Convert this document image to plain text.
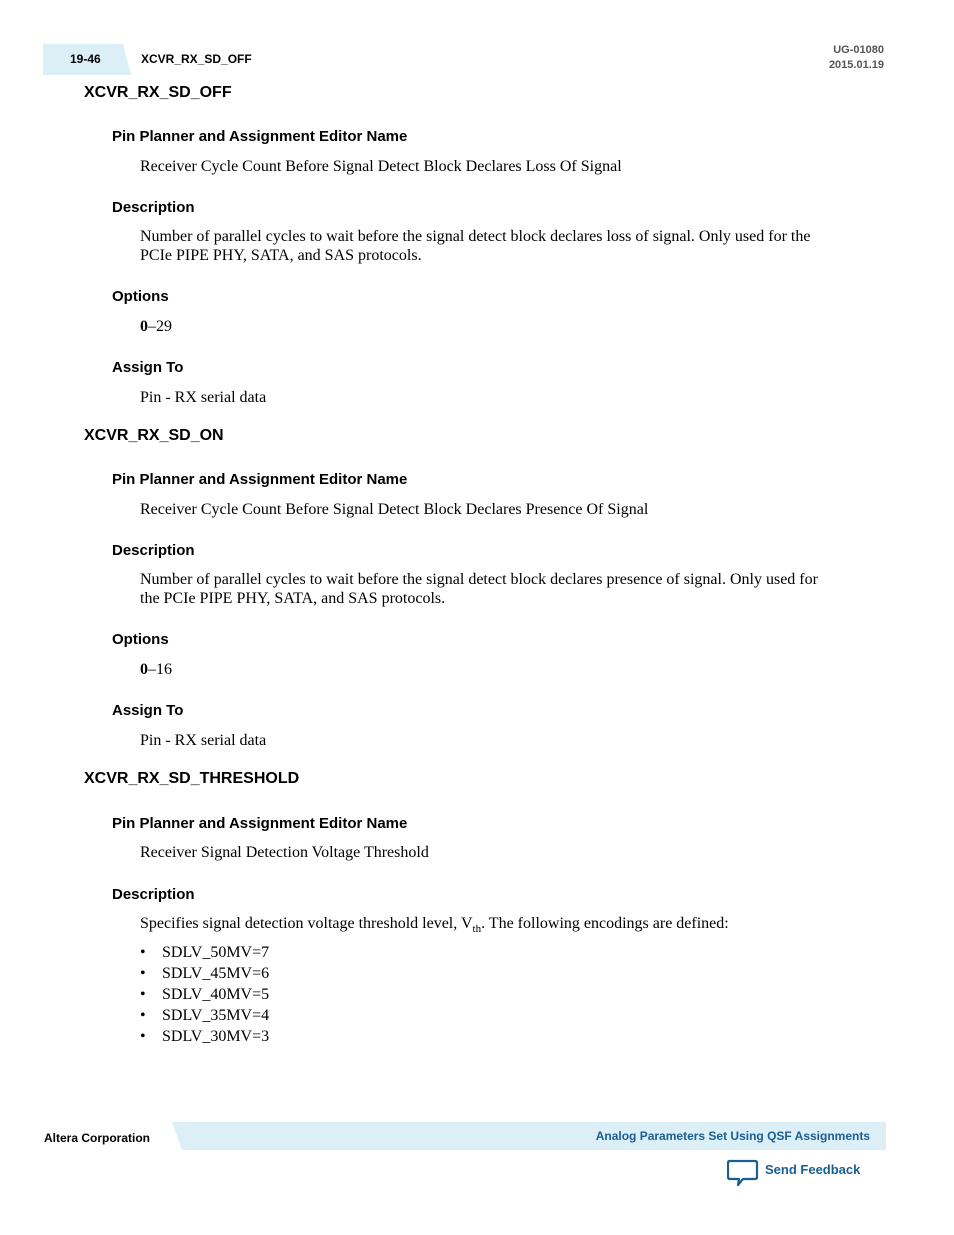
19-46	XCVR_RX_SD_OFF
UG-01080
2015.01.19
XCVR_RX_SD_OFF
Pin Planner and Assignment Editor Name
Receiver Cycle Count Before Signal Detect Block Declares Loss Of Signal
Description
Number of parallel cycles to wait before the signal detect block declares loss of signal. Only used for the
PCIe PIPE PHY, SATA, and SAS protocols.
Options
0–29
Assign To
Pin - RX serial data
XCVR_RX_SD_ON
Pin Planner and Assignment Editor Name
Receiver Cycle Count Before Signal Detect Block Declares Presence Of Signal
Description
Number of parallel cycles to wait before the signal detect block declares presence of signal. Only used for
the PCIe PIPE PHY, SATA, and SAS protocols.
Options
0–16
Assign To
Pin - RX serial data
XCVR_RX_SD_THRESHOLD
Pin Planner and Assignment Editor Name
Receiver Signal Detection Voltage Threshold
Description
Specifies signal detection voltage threshold level, $V_{th}$. The following encodings are defined:
• SDLV_50MV=7
• SDLV_45MV=6
• SDLV_40MV=5
• SDLV_35MV=4
• SDLV_30MV=3
Altera Corporation	Analog Parameters Set Using QSF Assignments
Send Feedback
